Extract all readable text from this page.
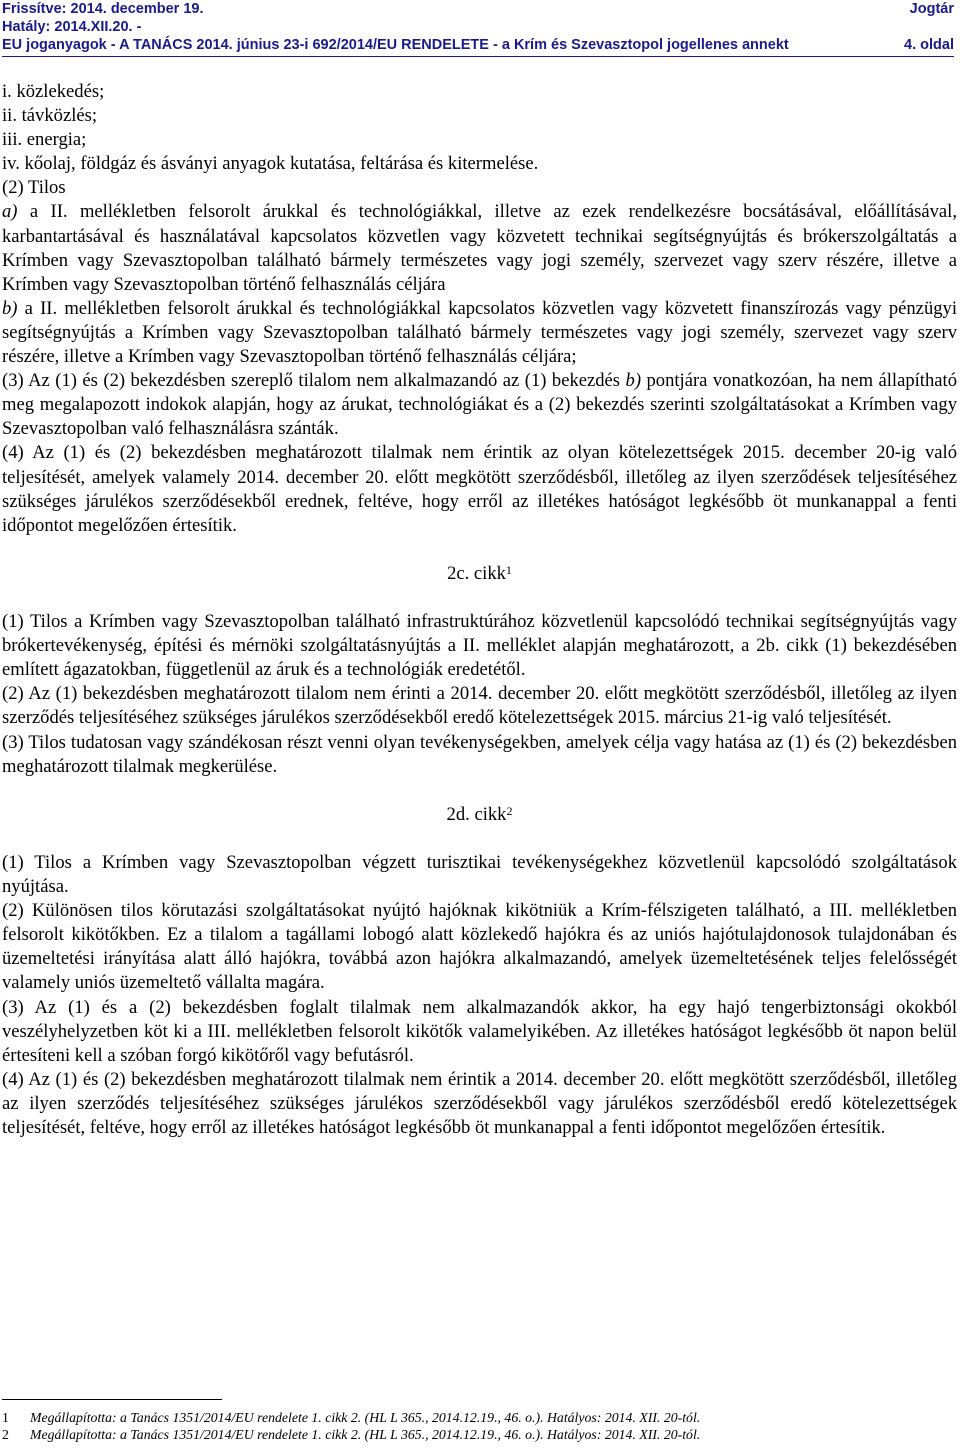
Frissítve: 2014. december 19.	Jogtár
Hatály: 2014.XII.20. -
EU joganyagok - A TANÁCS 2014. június 23-i 692/2014/EU RENDELETE - a Krím és Szevasztopol jogellenes annekt	4. oldal

i. közlekedés;

ii. távközlés;

iii. energia;

iv. kőolaj, földgáz és ásványi anyagok kutatása, feltárása és kitermelése.

(2) Tilos

a) a II. mellékletben felsorolt árukkal és technológiákkal, illetve az ezek rendelkezésre bocsátásával, előállításával, karbantartásával és használatával kapcsolatos közvetlen vagy közvetett technikai segítségnyújtás és brókerszolgáltatás a Krímben vagy Szevasztopolban található bármely természetes vagy jogi személy, szervezet vagy szerv részére, illetve a Krímben vagy Szevasztopolban történő felhasználás céljára

b) a II. mellékletben felsorolt árukkal és technológiákkal kapcsolatos közvetlen vagy közvetett finanszírozás vagy pénzügyi segítségnyújtás a Krímben vagy Szevasztopolban található bármely természetes vagy jogi személy, szervezet vagy szerv részére, illetve a Krímben vagy Szevasztopolban történő felhasználás céljára;

(3) Az (1) és (2) bekezdésben szereplő tilalom nem alkalmazandó az (1) bekezdés b) pontjára vonatkozóan, ha nem állapítható meg megalapozott indokok alapján, hogy az árukat, technológiákat és a (2) bekezdés szerinti szolgáltatásokat a Krímben vagy Szevasztopolban való felhasználásra szánták.

(4) Az (1) és (2) bekezdésben meghatározott tilalmak nem érintik az olyan kötelezettségek 2015. december 20-ig való teljesítését, amelyek valamely 2014. december 20. előtt megkötött szerződésből, illetőleg az ilyen szerződések teljesítéséhez szükséges járulékos szerződésekből erednek, feltéve, hogy erről az illetékes hatóságot legkésőbb öt munkanappal a fenti időpontot megelőzően értesítik.

2c. cikk$^1$

(1) Tilos a Krímben vagy Szevasztopolban található infrastruktúrához közvetlenül kapcsolódó technikai segítségnyújtás vagy brókertevékenység, építési és mérnöki szolgáltatásnyújtás a II. melléklet alapján meghatározott, a 2b. cikk (1) bekezdésében említett ágazatokban, függetlenül az áruk és a technológiák eredetétől.

(2) Az (1) bekezdésben meghatározott tilalom nem érinti a 2014. december 20. előtt megkötött szerződésből, illetőleg az ilyen szerződés teljesítéséhez szükséges járulékos szerződésekből eredő kötelezettségek 2015. március 21-ig való teljesítését.

(3) Tilos tudatosan vagy szándékosan részt venni olyan tevékenységekben, amelyek célja vagy hatása az (1) és (2) bekezdésben meghatározott tilalmak megkerülése.

2d. cikk$^2$

(1) Tilos a Krímben vagy Szevasztopolban végzett turisztikai tevékenységekhez közvetlenül kapcsolódó szolgáltatások nyújtása.

(2) Különösen tilos körutazási szolgáltatásokat nyújtó hajóknak kikötniük a Krím-félszigeten található, a III. mellékletben felsorolt kikötőkben. Ez a tilalom a tagállami lobogó alatt közlekedő hajókra és az uniós hajótulajdonosok tulajdonában és üzemeltetési irányítása alatt álló hajókra, továbbá azon hajókra alkalmazandó, amelyek üzemeltetésének teljes felelősségét valamely uniós üzemeltető vállalta magára.

(3) Az (1) és a (2) bekezdésben foglalt tilalmak nem alkalmazandók akkor, ha egy hajó tengerbiztonsági okokból veszélyhelyzetben köt ki a III. mellékletben felsorolt kikötők valamelyikében. Az illetékes hatóságot legkésőbb öt napon belül értesíteni kell a szóban forgó kikötőről vagy befutásról.

(4) Az (1) és (2) bekezdésben meghatározott tilalmak nem érintik a 2014. december 20. előtt megkötött szerződésből, illetőleg az ilyen szerződés teljesítéséhez szükséges járulékos szerződésekből vagy járulékos szerződésből eredő kötelezettségek teljesítését, feltéve, hogy erről az illetékes hatóságot legkésőbb öt munkanappal a fenti időpontot megelőzően értesítik.

1 Megállapította: a Tanács 1351/2014/EU rendelete 1. cikk 2. (HL L 365., 2014.12.19., 46. o.). Hatályos: 2014. XII. 20-tól.
2 Megállapította: a Tanács 1351/2014/EU rendelete 1. cikk 2. (HL L 365., 2014.12.19., 46. o.). Hatályos: 2014. XII. 20-tól.
